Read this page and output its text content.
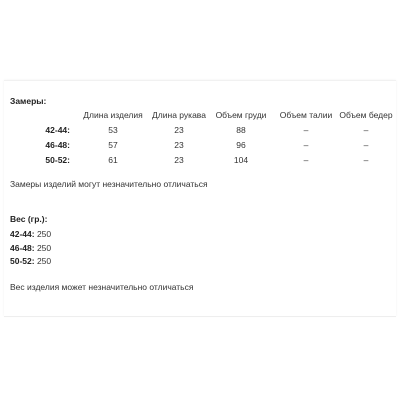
Замеры:
	Длина изделия	Длина рукава	Объем груди	Объем талии	Объем бедер
42-44:	53	23	88	–	–
46-48:	57	23	96	–	–
50-52:	61	23	104	–	–
Замеры изделий могут незначительно отличаться
Вес (гр.):
42-44: 250
46-48: 250
50-52: 250
Вес изделия может незначительно отличаться
